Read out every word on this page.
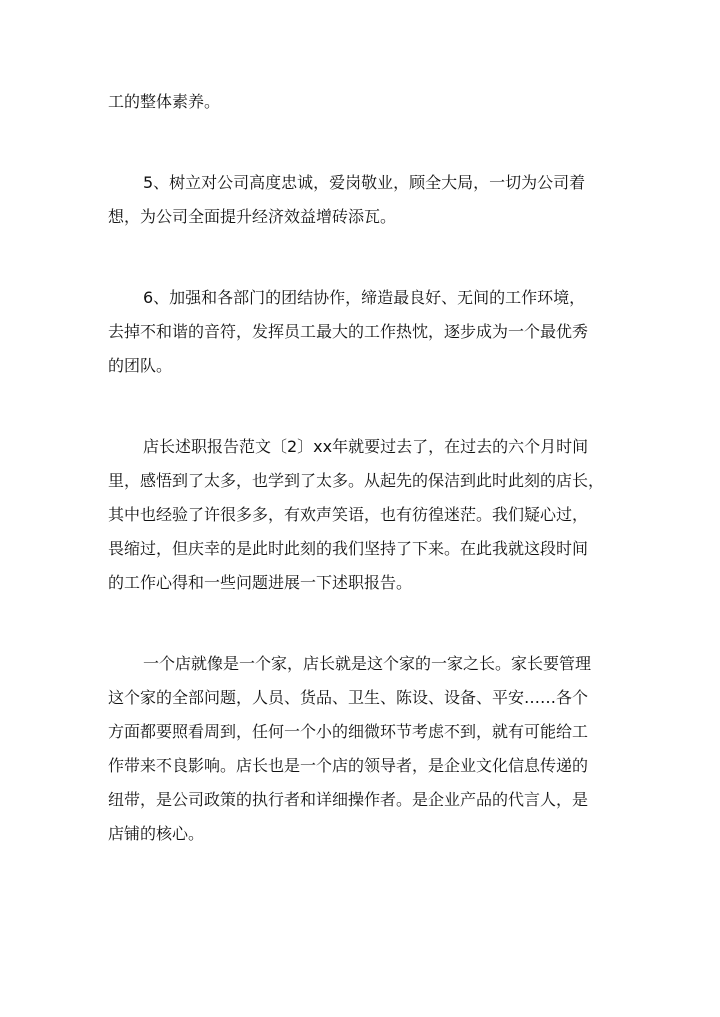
工的整体素养。
5、树立对公司高度忠诚，爱岗敬业，顾全大局，一切为公司着
想，为公司全面提升经济效益增砖添瓦。
6、加强和各部门的团结协作，缔造最良好、无间的工作环境，
去掉不和谐的音符，发挥员工最大的工作热忱，逐步成为一个最优秀
的团队。
店长述职报告范文〔2〕xx年就要过去了，在过去的六个月时间
里，感悟到了太多，也学到了太多。从起先的保洁到此时此刻的店长，
其中也经验了许很多多，有欢声笑语，也有彷徨迷茫。我们疑心过，
畏缩过，但庆幸的是此时此刻的我们坚持了下来。在此我就这段时间
的工作心得和一些问题进展一下述职报告。
一个店就像是一个家，店长就是这个家的一家之长。家长要管理
这个家的全部问题，人员、货品、卫生、陈设、设备、平安……各个
方面都要照看周到，任何一个小的细微环节考虑不到，就有可能给工
作带来不良影响。店长也是一个店的领导者，是企业文化信息传递的
纽带，是公司政策的执行者和详细操作者。是企业产品的代言人，是
店铺的核心。
